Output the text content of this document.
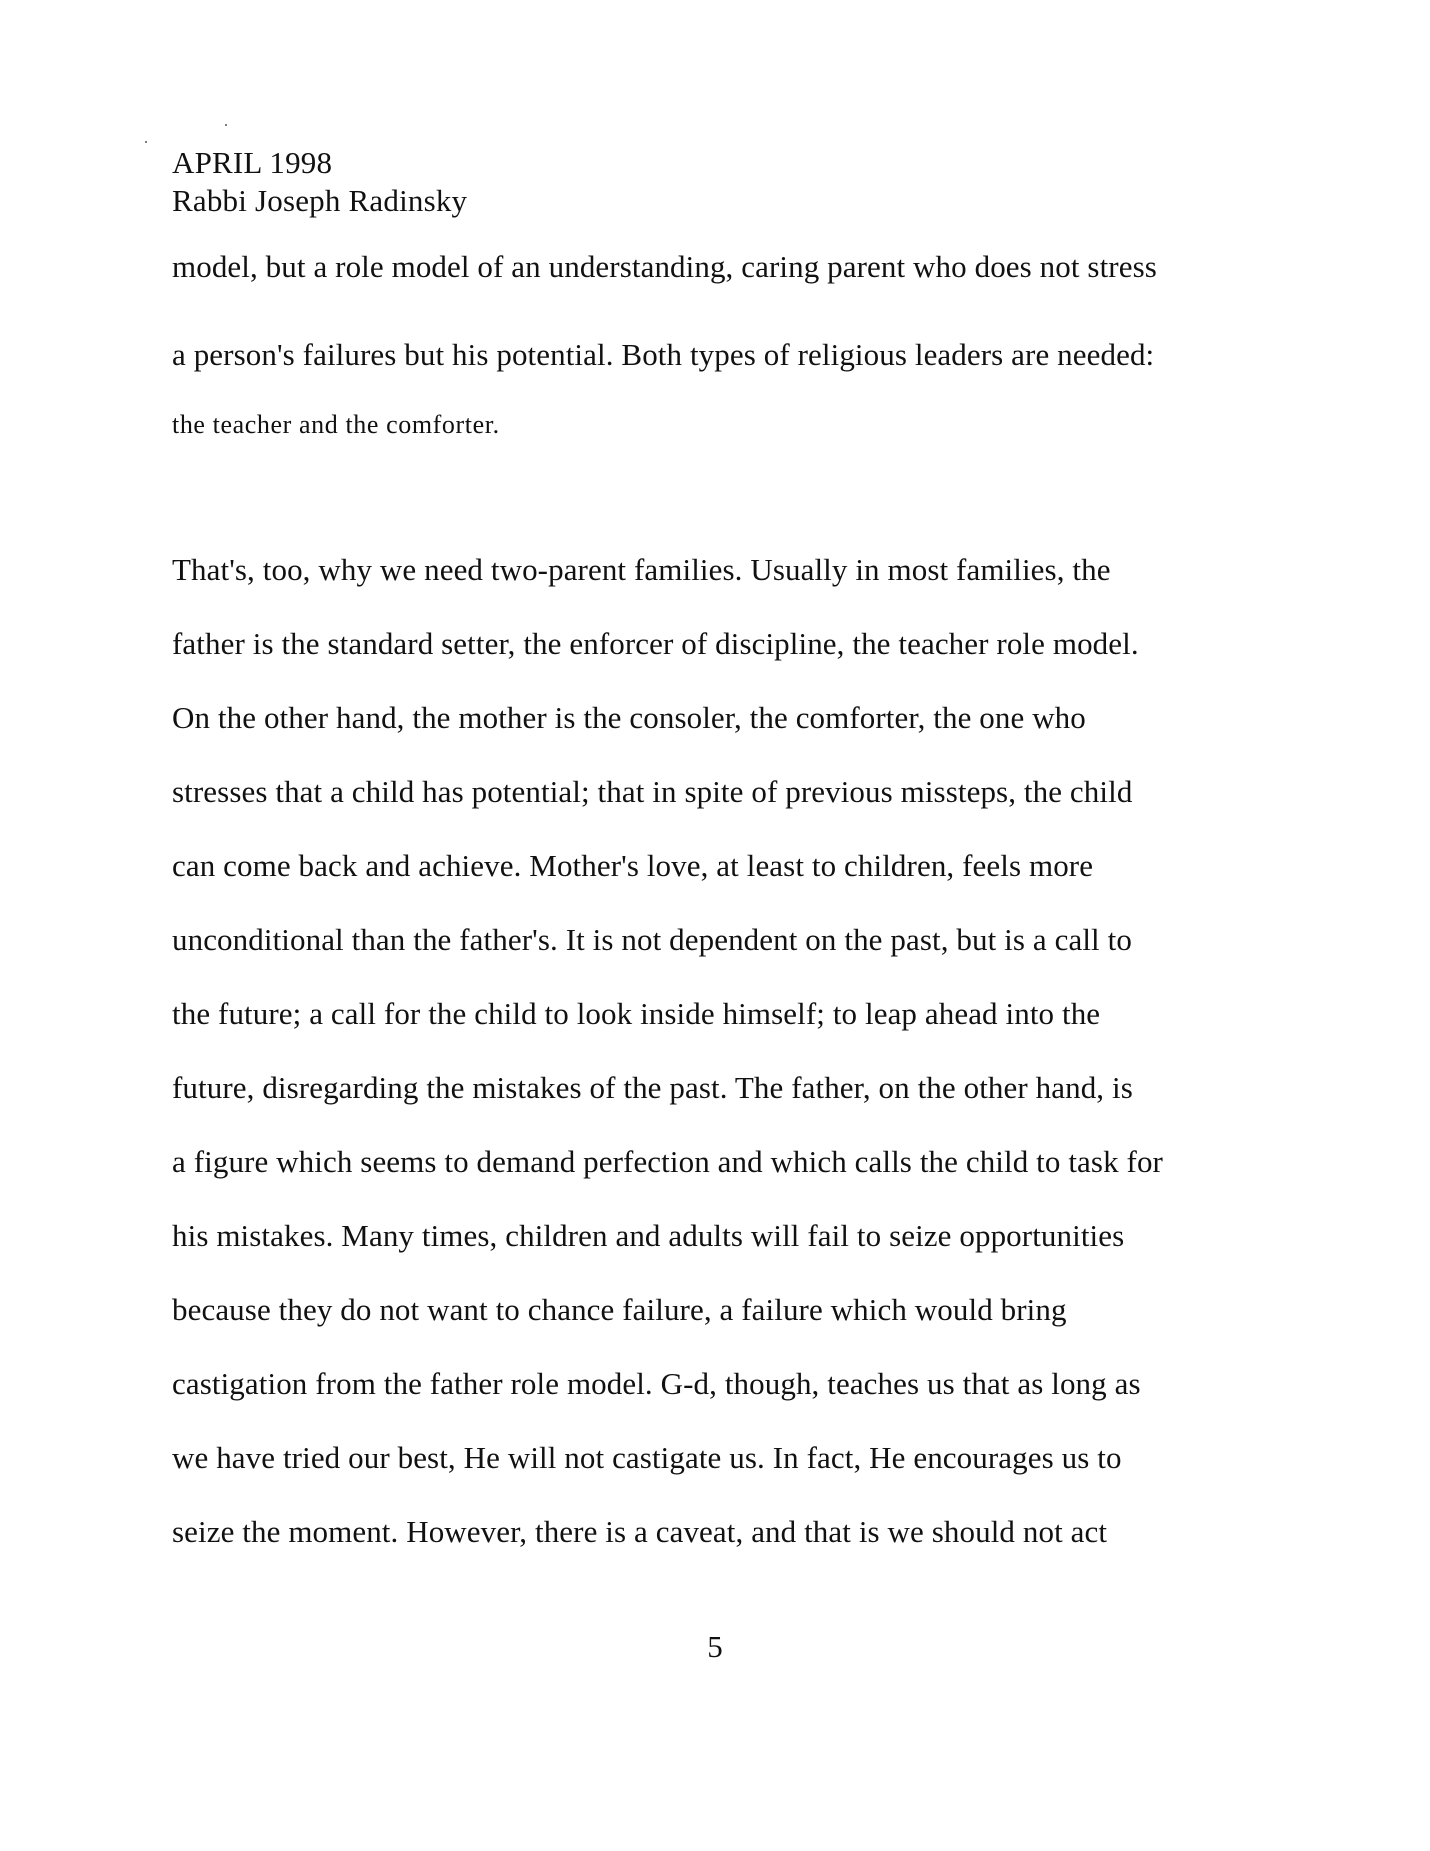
APRIL 1998
Rabbi Joseph Radinsky
model, but a role model of an understanding, caring parent who does not stress
a person's failures but his potential. Both types of religious leaders are needed:
the teacher and the comforter.
That's, too, why we need two-parent families. Usually in most families, the
father is the standard setter, the enforcer of discipline, the teacher role model.
On the other hand, the mother is the consoler, the comforter, the one who
stresses that a child has potential; that in spite of previous missteps, the child
can come back and achieve. Mother's love, at least to children, feels more
unconditional than the father's. It is not dependent on the past, but is a call to
the future; a call for the child to look inside himself; to leap ahead into the
future, disregarding the mistakes of the past. The father, on the other hand, is
a figure which seems to demand perfection and which calls the child to task for
his mistakes. Many times, children and adults will fail to seize opportunities
because they do not want to chance failure, a failure which would bring
castigation from the father role model. G-d, though, teaches us that as long as
we have tried our best, He will not castigate us. In fact, He encourages us to
seize the moment. However, there is a caveat, and that is we should not act
5
